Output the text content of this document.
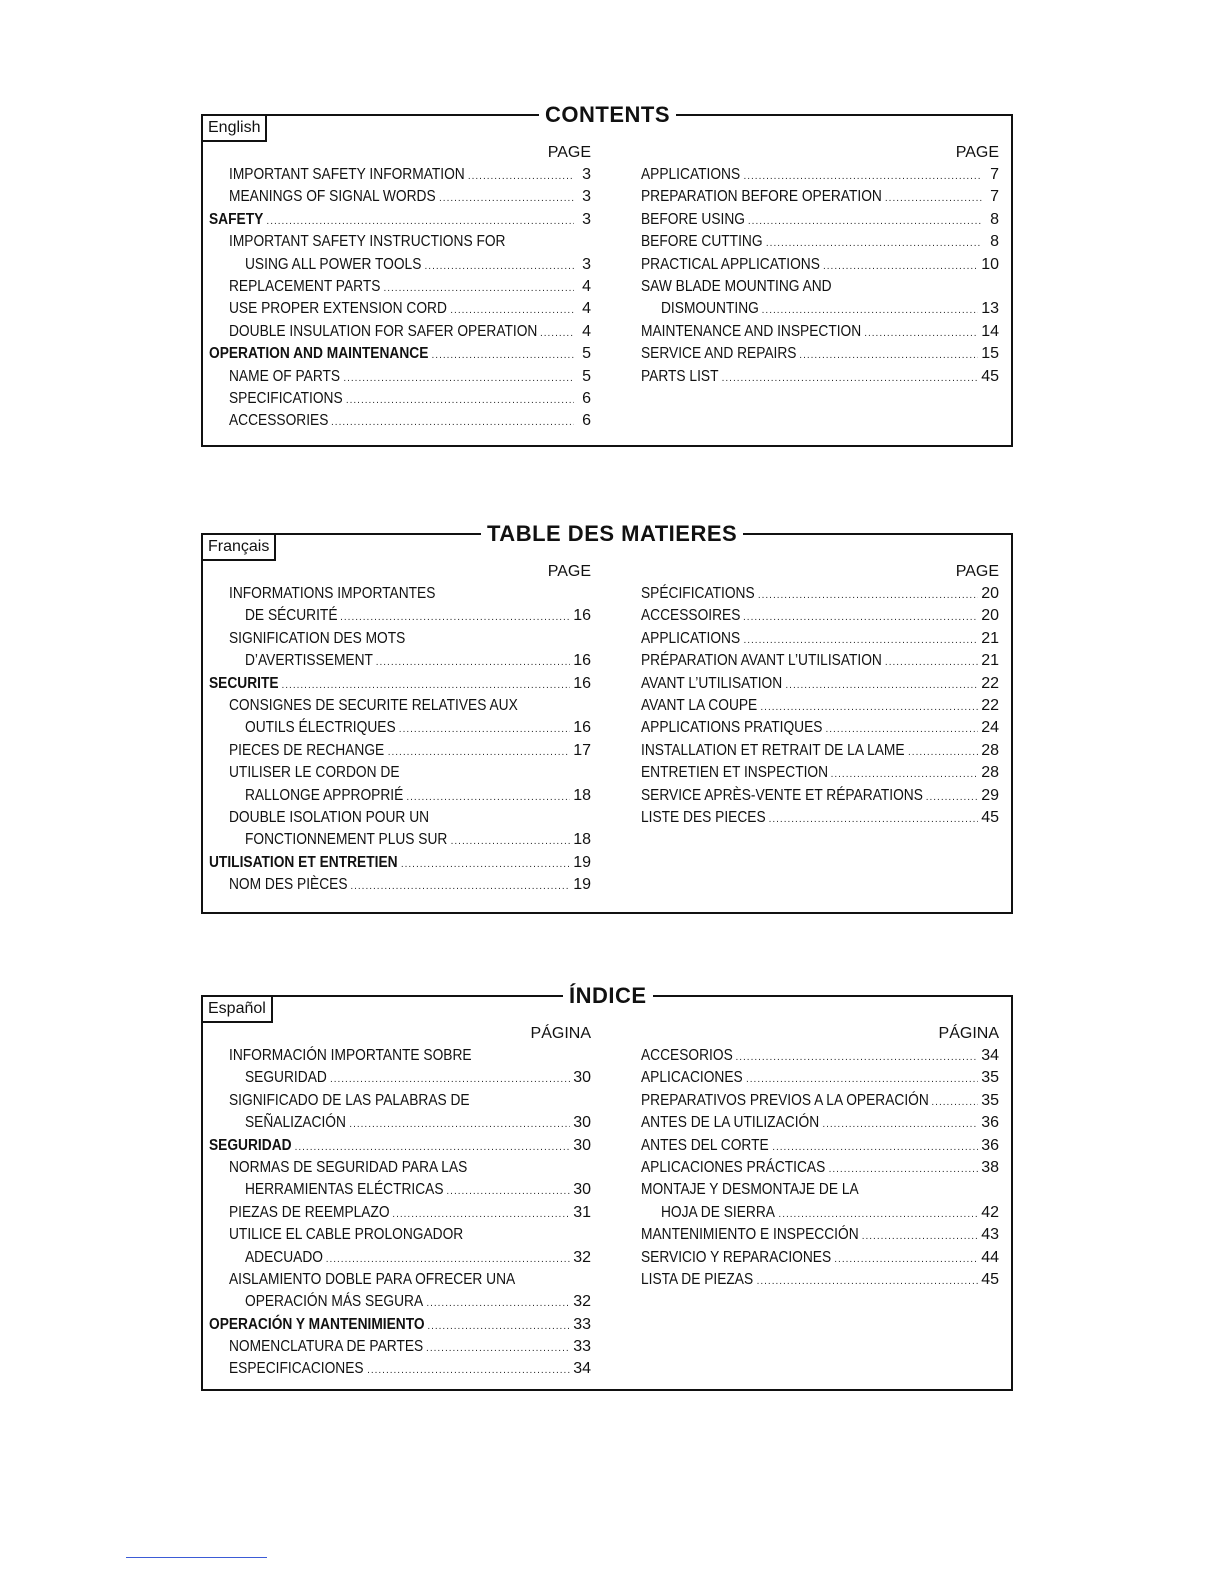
English
CONTENTS
PAGE
IMPORTANT SAFETY INFORMATION .....	3
MEANINGS OF SIGNAL WORDS .....	3
SAFETY .....	3
IMPORTANT SAFETY INSTRUCTIONS FOR
USING ALL POWER TOOLS .....	3
REPLACEMENT PARTS .....	4
USE PROPER EXTENSION CORD .....	4
DOUBLE INSULATION FOR SAFER OPERATION .....	4
OPERATION AND MAINTENANCE .....	5
NAME OF PARTS .....	5
SPECIFICATIONS .....	6
ACCESSORIES .....	6
PAGE
APPLICATIONS .....	7
PREPARATION BEFORE OPERATION .....	7
BEFORE USING .....	8
BEFORE CUTTING .....	8
PRACTICAL APPLICATIONS .....	10
SAW BLADE MOUNTING AND
DISMOUNTING .....	13
MAINTENANCE AND INSPECTION .....	14
SERVICE AND REPAIRS .....	15
PARTS LIST .....	45
Français
TABLE DES MATIERES
PAGE
INFORMATIONS IMPORTANTES
DE SÉCURITÉ .....	16
SIGNIFICATION DES MOTS
D’AVERTISSEMENT .....	16
SECURITE .....	16
CONSIGNES DE SECURITE RELATIVES AUX
OUTILS ÉLECTRIQUES .....	16
PIECES DE RECHANGE .....	17
UTILISER LE CORDON DE
RALLONGE APPROPRIÉ .....	18
DOUBLE ISOLATION POUR UN
FONCTIONNEMENT PLUS SUR .....	18
UTILISATION ET ENTRETIEN .....	19
NOM DES PIÈCES .....	19
PAGE
SPÉCIFICATIONS .....	20
ACCESSOIRES .....	20
APPLICATIONS .....	21
PRÉPARATION AVANT L’UTILISATION .....	21
AVANT L’UTILISATION .....	22
AVANT LA COUPE .....	22
APPLICATIONS PRATIQUES .....	24
INSTALLATION ET RETRAIT DE LA LAME .....	28
ENTRETIEN ET INSPECTION .....	28
SERVICE APRÈS-VENTE ET RÉPARATIONS .....	29
LISTE DES PIECES .....	45
Español
ÍNDICE
PÁGINA
INFORMACIÓN IMPORTANTE SOBRE
SEGURIDAD .....	30
SIGNIFICADO DE LAS PALABRAS DE
SEÑALIZACIÓN .....	30
SEGURIDAD .....	30
NORMAS DE SEGURIDAD PARA LAS
HERRAMIENTAS ELÉCTRICAS .....	30
PIEZAS DE REEMPLAZO .....	31
UTILICE EL CABLE PROLONGADOR
ADECUADO .....	32
AISLAMIENTO DOBLE PARA OFRECER UNA
OPERACIÓN MÁS SEGURA .....	32
OPERACIÓN Y MANTENIMIENTO .....	33
NOMENCLATURA DE PARTES .....	33
ESPECIFICACIONES .....	34
PÁGINA
ACCESORIOS .....	34
APLICACIONES .....	35
PREPARATIVOS PREVIOS A LA OPERACIÓN .....	35
ANTES DE LA UTILIZACIÓN .....	36
ANTES DEL CORTE .....	36
APLICACIONES PRÁCTICAS .....	38
MONTAJE Y DESMONTAJE DE LA
HOJA DE SIERRA .....	42
MANTENIMIENTO E INSPECCIÓN .....	43
SERVICIO Y REPARACIONES .....	44
LISTA DE PIEZAS .....	45
